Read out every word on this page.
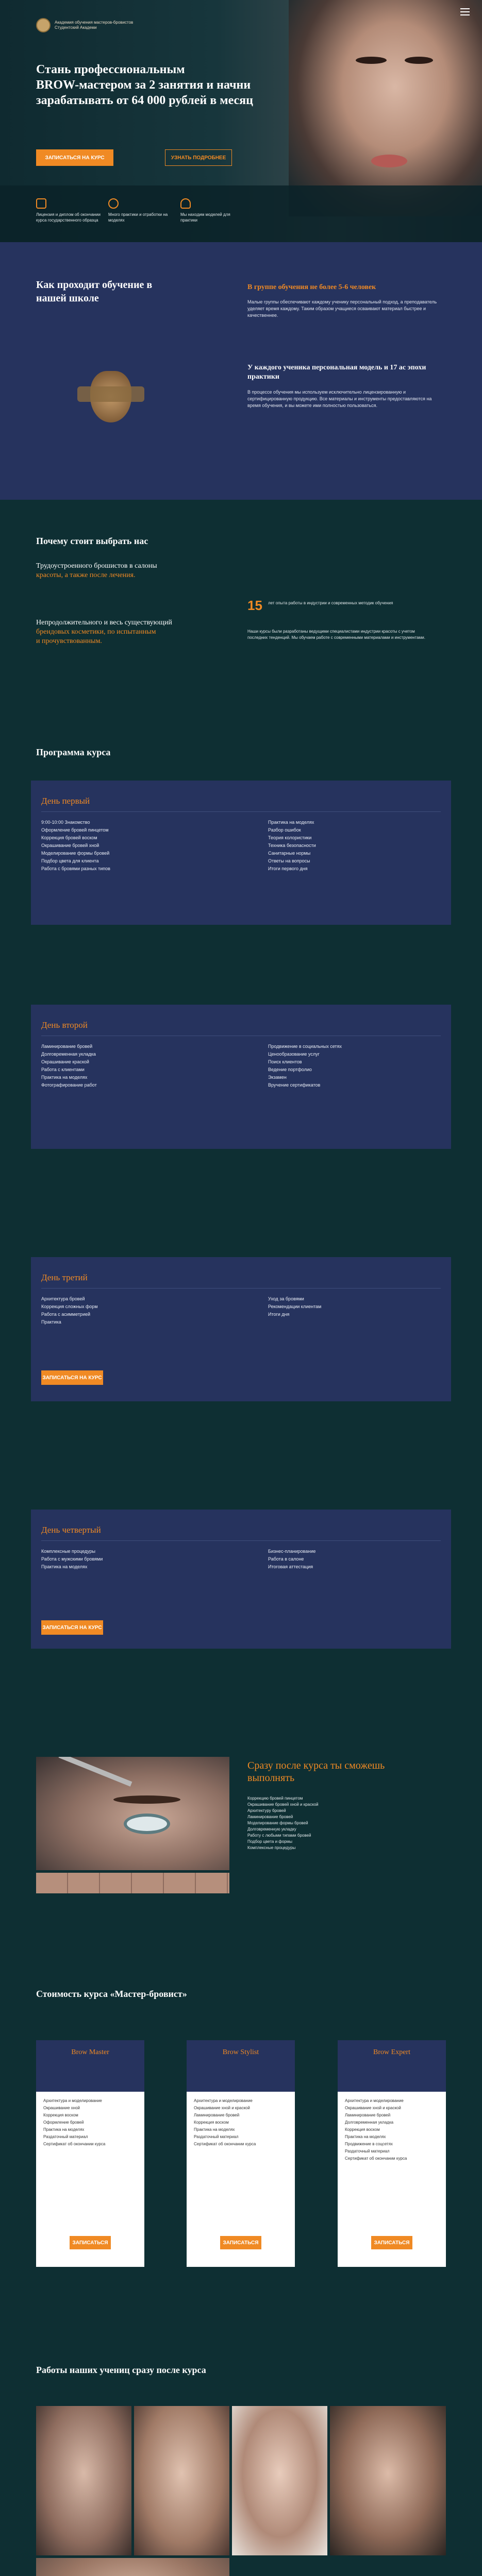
Академия обучения мастеров-бровистов
Студентский Академи
Стань профессиональным
BROW-мастером за 2 занятия и начни
зарабатывать от 64 000 рублей в месяц
ЗАПИСАТЬСЯ НА КУРС	УЗНАТЬ ПОДРОБНЕЕ
Лицензия и диплом об окончании курса государственного образца
Много практики и отработки на моделях
Мы находим моделей для практики
Как проходит обучение в нашей школе
В группе обучения не более 5-6 человек
Малые группы обеспечивают каждому ученику персональный подход, а преподаватель уделяет время каждому. Таким образом учащиеся осваивают материал быстрее и качественнее.
У каждого ученика персональная модель и 17 ас эпохи практики
В процессе обучения мы используем исключительно лицензированную и сертифицированную продукцию. Все материалы и инструменты предоставляются на время обучения, и вы можете ими полностью пользоваться.
Почему стоит выбрать нас
Трудоустроенного брошистов в салоны
красоты, а также после лечения.
Непродолжительного и весь существующий
брендовых косметики, по испытанным
и прочувствованным.
15 лет опыта работы в индустрии и современных методик обучения
Наши курсы были разработаны ведущими специалистами индустрии красоты с учетом последних тенденций. Мы обучаем работе с современными материалами и инструментами.
Программа курса
День первый
9:00-10:00 Знакомство
Оформление бровей пинцетом
Коррекция бровей воском
Окрашивание бровей хной
Моделирование формы бровей
Подбор цвета для клиента
Работа с бровями разных типов
Практика на моделях
Разбор ошибок
Теория колористики
Техника безопасности
Санитарные нормы
Ответы на вопросы
Итоги первого дня
День второй
Ламинирование бровей
Долговременная укладка
Окрашивание краской
Работа с клиентами
Практика на моделях
Фотографирование работ
Продвижение в социальных сетях
Ценообразование услуг
Поиск клиентов
Ведение портфолио
Экзамен
Вручение сертификатов
День третий
Архитектура бровей
Коррекция сложных форм
Работа с асимметрией
Практика
Уход за бровями
Рекомендации клиентам
Итоги дня
ЗАПИСАТЬСЯ НА КУРС
День четвертый
Комплексные процедуры
Работа с мужскими бровями
Практика на моделях
Бизнес-планирование
Работа в салоне
Итоговая аттестация
ЗАПИСАТЬСЯ НА КУРС
Сразу после курса ты сможешь
выполнять
Коррекцию бровей пинцетом
Окрашивание бровей хной и краской
Архитектуру бровей
Ламинирование бровей
Моделирование формы бровей
Долговременную укладку
Работу с любыми типами бровей
Подбор цвета и формы
Комплексные процедуры
Стоимость курса «Мастер-бровист»
Brow Master
Архитектура и моделирование
Окрашивание хной
Коррекция воском
Оформление бровей
Практика на моделях
Раздаточный материал
Сертификат об окончании курса
ЗАПИСАТЬСЯ
Brow Stylist
Архитектура и моделирование
Окрашивание хной и краской
Ламинирование бровей
Коррекция воском
Практика на моделях
Раздаточный материал
Сертификат об окончании курса
ЗАПИСАТЬСЯ
Brow Expert
Архитектура и моделирование
Окрашивание хной и краской
Ламинирование бровей
Долговременная укладка
Коррекция воском
Практика на моделях
Продвижение в соцсетях
Раздаточный материал
Сертификат об окончании курса
ЗАПИСАТЬСЯ
Работы наших учениц сразу после курса
